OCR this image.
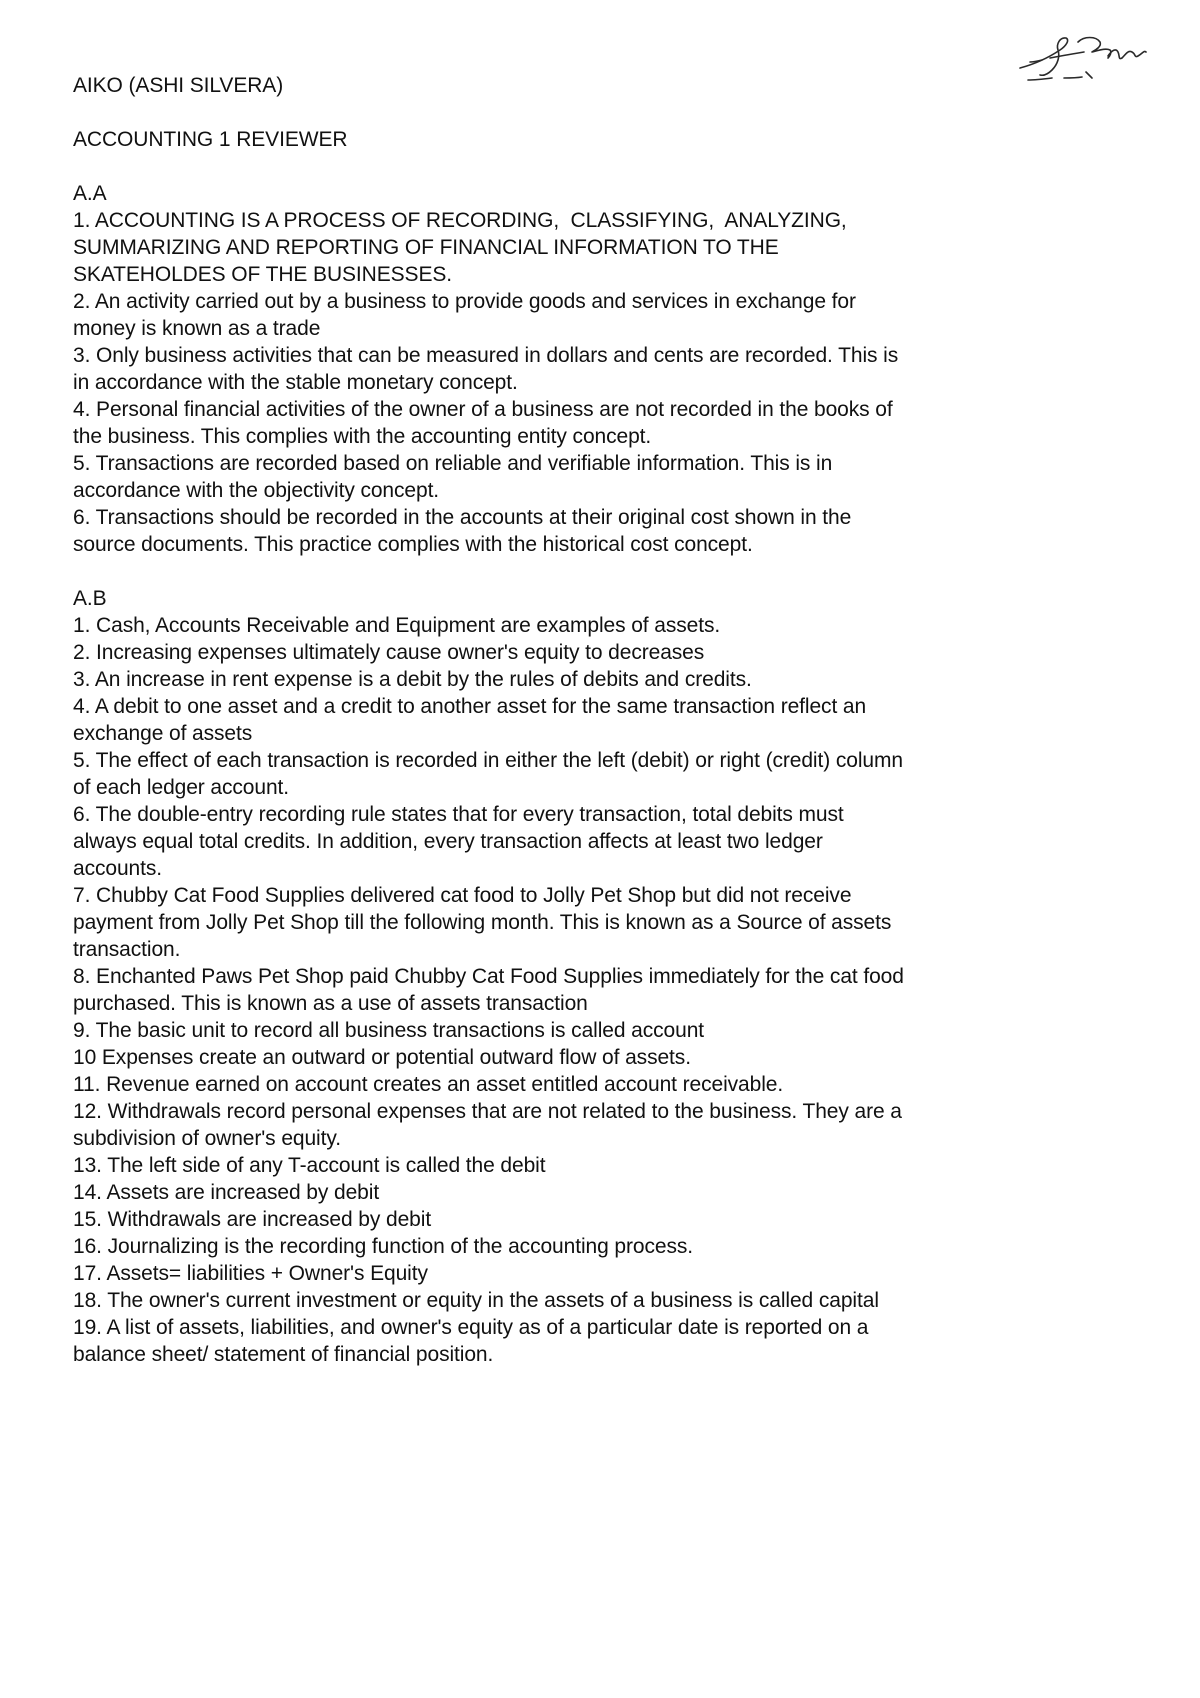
AIKO (ASHI SILVERA)
ACCOUNTING 1 REVIEWER
A.A
1. ACCOUNTING IS A PROCESS OF RECORDING,  CLASSIFYING,  ANALYZING,
SUMMARIZING AND REPORTING OF FINANCIAL INFORMATION TO THE
SKATEHOLDES OF THE BUSINESSES.
2. An activity carried out by a business to provide goods and services in exchange for
money is known as a trade
3. Only business activities that can be measured in dollars and cents are recorded. This is
in accordance with the stable monetary concept.
4. Personal financial activities of the owner of a business are not recorded in the books of
the business. This complies with the accounting entity concept.
5. Transactions are recorded based on reliable and verifiable information. This is in
accordance with the objectivity concept.
6. Transactions should be recorded in the accounts at their original cost shown in the
source documents. This practice complies with the historical cost concept.
A.B
1. Cash, Accounts Receivable and Equipment are examples of assets.
2. Increasing expenses ultimately cause owner's equity to decreases
3. An increase in rent expense is a debit by the rules of debits and credits.
4. A debit to one asset and a credit to another asset for the same transaction reflect an
exchange of assets
5. The effect of each transaction is recorded in either the left (debit) or right (credit) column
of each ledger account.
6. The double-entry recording rule states that for every transaction, total debits must
always equal total credits. In addition, every transaction affects at least two ledger
accounts.
7. Chubby Cat Food Supplies delivered cat food to Jolly Pet Shop but did not receive
payment from Jolly Pet Shop till the following month. This is known as a Source of assets
transaction.
8. Enchanted Paws Pet Shop paid Chubby Cat Food Supplies immediately for the cat food
purchased. This is known as a use of assets transaction
9. The basic unit to record all business transactions is called account
10 Expenses create an outward or potential outward flow of assets.
11. Revenue earned on account creates an asset entitled account receivable.
12. Withdrawals record personal expenses that are not related to the business. They are a
subdivision of owner's equity.
13. The left side of any T-account is called the debit
14. Assets are increased by debit
15. Withdrawals are increased by debit
16. Journalizing is the recording function of the accounting process.
17. Assets= liabilities + Owner's Equity
18. The owner's current investment or equity in the assets of a business is called capital
19. A list of assets, liabilities, and owner's equity as of a particular date is reported on a
balance sheet/ statement of financial position.
